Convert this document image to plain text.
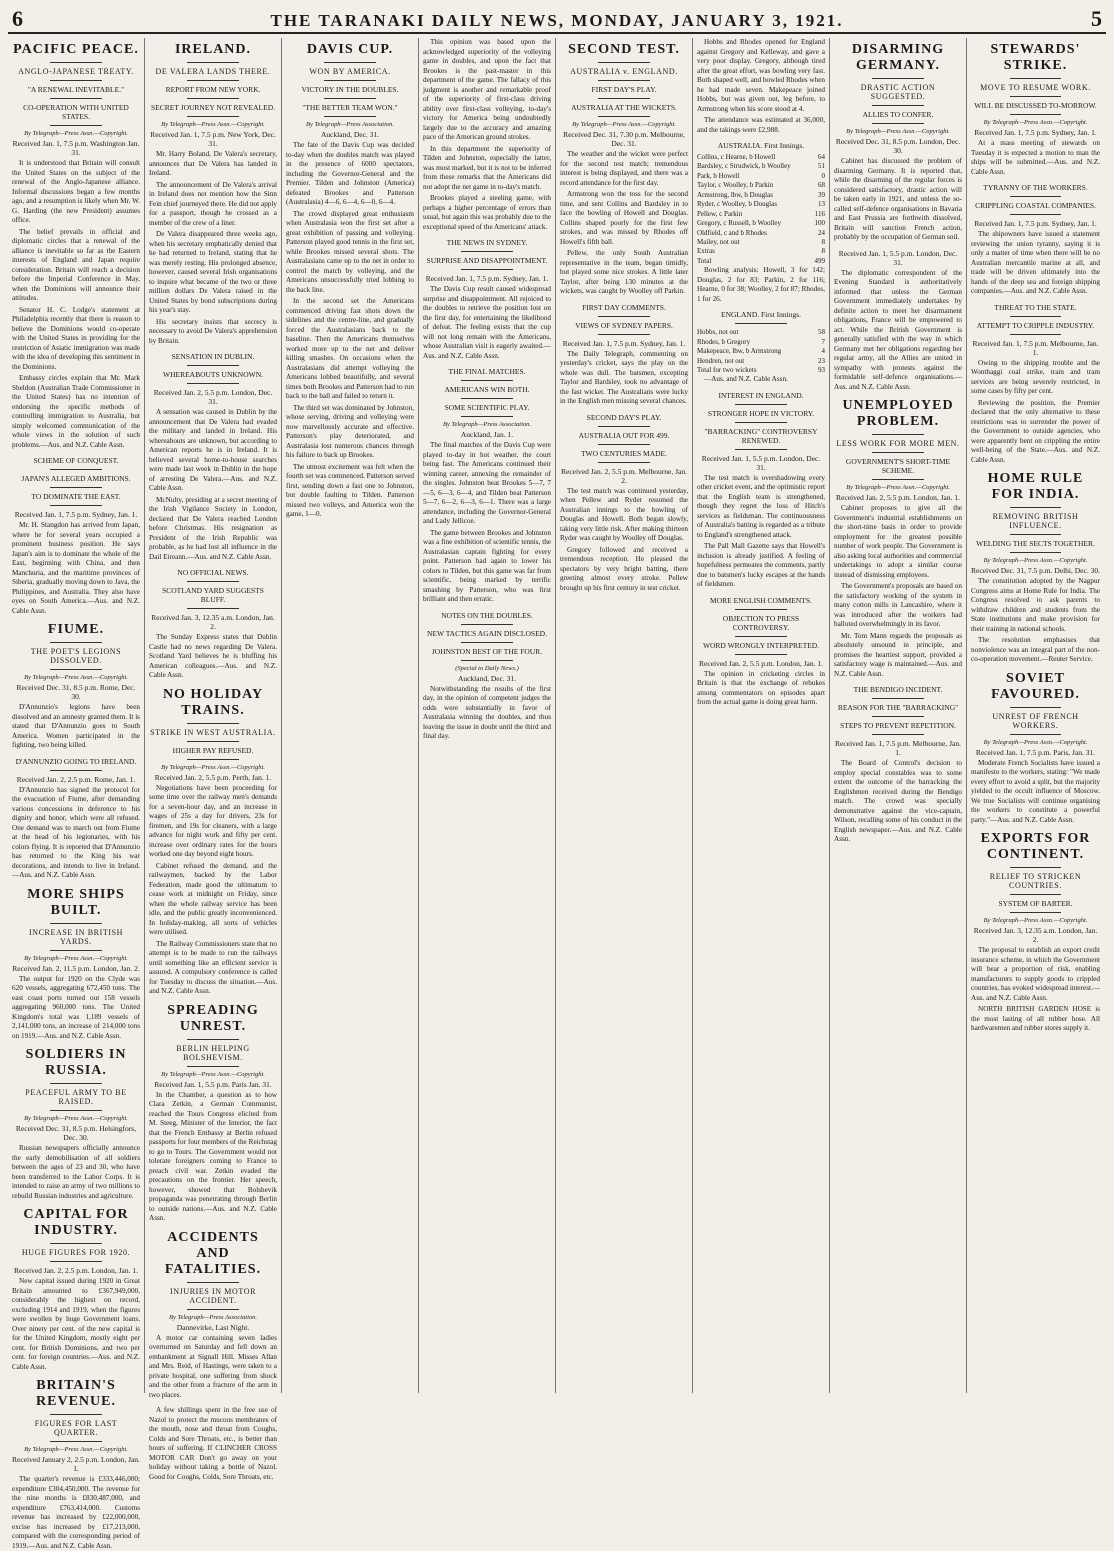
6	THE TARANAKI DAILY NEWS, MONDAY, JANUARY 3, 1921.	5
PACIFIC PEACE.
ANGLO-JAPANESE TREATY.
"A RENEWAL INEVITABLE."
CO-OPERATION WITH UNITED STATES.
By Telegraph—Press Assn.—Copyright.
Received Jan. 1, 7.5 p.m. Washington Jan. 31.

It is understood that Britain will consult the United States on the subject of the renewal of the Anglo-Japanese alliance. Informal discussions began a few months ago, and a resumption is likely when Mr. W. G. Harding (the new President) assumes office.

The belief prevails in official and diplomatic circles that a renewal of the alliance is inevitable so far as the Eastern interests of England and Japan require consideration. Britain will reach a decision before the Imperial Conference in May, when the Dominions will announce their attitudes.

Senator H. C. Lodge's statement at Philadelphia recently that there is reason to believe the Dominions would co-operate with the United States in providing for the restriction of Asiatic immigration was made with the idea of developing this sentiment in the Dominions.

Embassy circles explain that Mr. Mark Sheldon (Australian Trade Commissioner in the United States) has no intention of endorsing the specific methods of controlling immigration to Australia, but simply welcomed communication of the whole views in the solution of such problems.—Aus. and N.Z. Cable Assn.

SCHEME OF CONQUEST.
JAPAN'S ALLEGED AMBITIONS.
TO DOMINATE THE EAST.
Received Jan. 1, 7.5 p.m. Sydney, Jan. 1.

Mr. H. Stangdon has arrived from Japan, where he for several years occupied a prominent business position. He says Japan's aim is to dominate the whole of the East, beginning with China, and then Manchuria, and the maritime provinces of Siberia, gradually moving down to Java, the Philippines, and Australia. They also have eyes on South America.—Aus. and N.Z. Cable Assn.

FIUME.
THE POET'S LEGIONS DISSOLVED.
By Telegraph—Press Assn.—Copyright.
Received Dec. 31, 8.5 p.m. Rome, Dec. 30.

D'Annunzio's legions have been dissolved and an amnesty granted them. It is stated that D'Annunzio goes to South America. Women participated in the fighting, two being killed.

D'ANNUNZIO GOING TO IRELAND.
Received Jan. 2, 2.5 p.m. Rome, Jan. 1.

D'Annunzio has signed the protocol for the evacuation of Fiume, after demanding various concessions in deference to his dignity and honor, which were all refused. One demand was to march out from Fiume at the head of his legionaries, with his colors flying. It is reported that D'Annunzio has returned to the King his war decorations, and intends to live in Ireland.—Aus. and N.Z. Cable Assn.

MORE SHIPS BUILT.
INCREASE IN BRITISH YARDS.
By Telegraph—Press Assn.—Copyright.
Received Jan. 2, 11.5 p.m. London, Jan. 2.

The output for 1920 on the Clyde was 620 vessels, aggregating 672,450 tons. The east coast ports turned out 158 vessels aggregating 960,000 tons. The United Kingdom's total was 1,189 vessels of 2,141,000 tons, an increase of 214,000 tons on 1919.—Aus. and N.Z. Cable Assn.

SOLDIERS IN RUSSIA.
PEACEFUL ARMY TO BE RAISED.
By Telegraph—Press Assn.—Copyright.
Received Dec. 31, 8.5 p.m. Helsingfors, Dec. 30.

Russian newspapers officially announce the early demobilisation of all soldiers between the ages of 23 and 30, who have been transferred to the Labor Corps. It is intended to raise an army of two millions to rebuild Russian industries and agriculture.

CAPITAL FOR INDUSTRY.
HUGE FIGURES FOR 1920.
Received Jan. 2, 2.5 p.m. London, Jan. 1.

New capital issued during 1920 in Great Britain amounted to £367,949,000, considerably the highest on record, excluding 1914 and 1919, when the figures were swollen by huge Government loans. Over ninety per cent. of the new capital is for the United Kingdom, mostly eight per cent. for British Dominions, and two per cent. for foreign countries.—Aus. and N.Z. Cable Assn.

BRITAIN'S REVENUE.
FIGURES FOR LAST QUARTER.
By Telegraph—Press Assn.—Copyright.
Received January 2, 2.5 p.m. London, Jan. 1.

The quarter's revenue is £333,446,000; expenditure £304,450,000. The revenue for the nine months is £830,487,000, and expenditure £763,414,000. Customs revenue has increased by £22,000,000, excise has increased by £17,213,000, compared with the corresponding period of 1919.—Aus. and N.Z. Cable Assn.

IRELAND.
DE VALERA LANDS THERE.
REPORT FROM NEW YORK.
SECRET JOURNEY NOT REVEALED.
By Telegraph—Press Assn.—Copyright.
Received Jan. 1, 7.5 p.m. New York, Dec. 31.

Mr. Harry Boland, De Valera's secretary, announces that De Valera has landed in Ireland.

The announcement of De Valera's arrival in Ireland does not mention how the Sinn Fein chief journeyed there. He did not apply for a passport, though he crossed as a member of the crew of a liner.

De Valera disappeared three weeks ago, when his secretary emphatically denied that he had returned to Ireland, stating that he was merely resting. His prolonged absence, however, caused several Irish organisations to inquire what became of the two or three million dollars De Valera raised in the United States by bond subscriptions during his year's stay.

His secretary insists that secrecy is necessary to avoid De Valera's apprehension by Britain.

SENSATION IN DUBLIN.
WHEREABOUTS UNKNOWN.
Received Jan. 2, 5.5 p.m. London, Dec. 31.

A sensation was caused in Dublin by the announcement that De Valera had evaded the military and landed in Ireland. His whereabouts are unknown, but according to American reports he is in Ireland. It is believed several home-to-house searches were made last week in Dublin in the hope of arresting De Valera.—Aus. and N.Z. Cable Assn.

McNulty, presiding at a secret meeting of the Irish Vigilance Society in London, declared that De Valera reached London before Christmas. His resignation as President of the Irish Republic was probable, as he had lost all influence in the Dail Eireann.—Aus. and N.Z. Cable Assn.

NO OFFICIAL NEWS.
SCOTLAND YARD SUGGESTS BLUFF.
Received Jan. 3, 12.35 a.m. London, Jan. 2.

The Sunday Express states that Dublin Castle had no news regarding De Valera. Scotland Yard believes he is bluffing his American colleagues.—Aus. and N.Z. Cable Assn.

NO HOLIDAY TRAINS.
STRIKE IN WEST AUSTRALIA.
HIGHER PAY REFUSED.
By Telegraph—Press Assn.—Copyright.
Received Jan. 2, 5.5 p.m. Perth, Jan. 1.

Negotiations have been proceeding for some time over the railway men's demands for a seven-hour day, and an increase in wages of 25s a day for drivers, 23s for firemen, and 19s for cleaners, with a large advance for night work and fifty per cent. increase over ordinary rates for the hours worked one day beyond eight hours.

Cabinet refused the demand, and the railwaymen, backed by the Labor Federation, made good the ultimatum to cease work at midnight on Friday, since when the whole railway service has been idle, and the public greatly inconvenienced. In holiday-making, all sorts of vehicles were utilised.

The Railway Commissioners state that no attempt is to be made to run the railways until something like an efficient service is assured. A compulsory conference is called for Tuesday to discuss the situation.—Aus. and N.Z. Cable Assn.

SPREADING UNREST.
BERLIN HELPING BOLSHEVISM.
By Telegraph—Press Assn.—Copyright.
Received Jan. 1, 5.5 p.m. Paris Jan. 31.

In the Chamber, a question as to how Clara Zetkin, a German Communist, reached the Tours Congress elicited from M. Steeg, Minister of the Interior, the fact that the French Embassy at Berlin refused passports for four members of the Reichstag to go to Tours. The Government would not tolerate foreigners coming to France to preach civil war. Zetkin evaded the precautions on the frontier. Her speech, however, showed that Bolshevik propaganda was penetrating through Berlin to outside nations.—Aus. and N.Z. Cable Assn.

ACCIDENTS AND FATALITIES.
INJURIES IN MOTOR ACCIDENT.
By Telegraph—Press Association.
Dannevirke, Last Night.

A motor car containing seven ladies overturned on Saturday and fell down an embankment at Signall Hill. Misses Allan and Mrs. Reid, of Hastings, were taken to a private hospital, one suffering from shock and the other from a fracture of the arm in two places.

A few shillings spent in the free use of Nazol to protect the mucous membranes of the mouth, nose and throat from Coughs, Colds and Sore Throats, etc., is better than hours of suffering. If CLINCHER CROSS MOTOR CAR Don't go away on your holiday without taking a bottle of Nazol. Good for Coughs, Colds, Sore Throats, etc.

DAVIS CUP.
WON BY AMERICA.
VICTORY IN THE DOUBLES.
"THE BETTER TEAM WON."
By Telegraph—Press Association.
Auckland, Dec. 31.

The fate of the Davis Cup was decided to-day when the doubles match was played in the presence of 6000 spectators, including the Governor-General and the Premier. Tilden and Johnston (America) defeated Brookes and Patterson (Australasia) 4—6, 6—4, 6—0, 6—4.

The crowd displayed great enthusiasm when Australasia won the first set after a great exhibition of passing and volleying. Patterson played good tennis in the first set, while Brookes missed several shots. The Australasians came up to the net in order to control the match by volleying, and the Americans unsuccessfully tried lobbing to the back line.

In the second set the Americans commenced driving fast shots down the sidelines and the centre-line, and gradually forced the Australasians back to the baseline. Then the Americans themselves worked more up to the net and deliver killing smashes. On occasions when the Australasians did attempt volleying the Americans lobbed beautifully, and several times both Brookes and Patterson had to run back to the ball and failed to return it.

The third set was dominated by Johnston, whose serving, driving and volleying were now marvellously accurate and effective. Patterson's play deteriorated, and Australasia lost numerous chances through his failure to back up Brookes.

The utmost excitement was felt when the fourth set was commenced. Patterson served first, sending down a fast one to Johnston, but double faulting to Tilden. Patterson missed two volleys, and America won the game, 1—0.

This opinion was based upon the acknowledged superiority of the volleying game in doubles, and upon the fact that Brookes is the past-master in this department of the game. The fallacy of this judgment is another and remarkable proof of the superiority of first-class driving ability over first-class volleying, to-day's victory for America being undoubtedly largely due to the accuracy and amazing pace of the American ground strokes.

In this department the superiority of Tilden and Johnston, especially the latter, was most marked, but it is not to be inferred from these remarks that the Americans did not adopt the net game in to-day's match.

Brookes played a steeling game, with perhaps a higher percentage of errors than usual, but again this was probably due to the exceptional speed of the Americans' attack.

THE NEWS IN SYDNEY.
SURPRISE AND DISAPPOINTMENT.
Received Jan. 1, 7.5 p.m. Sydney, Jan. 1.

The Davis Cup result caused widespread surprise and disappointment. All rejoiced to the doubles to retrieve the position lost on the first day, for entertaining the likelihood of defeat. The feeling exists that the cup will not long remain with the Americans, whose Australian visit is eagerly awaited.—Aus. and N.Z. Cable Assn.

THE FINAL MATCHES.
AMERICANS WIN BOTH.
SOME SCIENTIFIC PLAY.
By Telegraph—Press Association.
Auckland, Jan. 1.

The final matches of the Davis Cup were played to-day in hot weather, the court being fast. The Americans continued their winning career, annexing the remainder of the singles. Johnston beat Brookes 5—7, 7—5, 6—3, 6—4, and Tilden beat Patterson 5—7, 6—2, 6—3, 6—1. There was a large attendance, including the Governor-General and Lady Jellicoe.

The game between Brookes and Johnston was a fine exhibition of scientific tennis, the Australasian captain fighting for every point. Patterson had again to lower his colors to Tilden, but this game was far from scientific, being marked by terrific smashing by Patterson, who was first brilliant and then erratic.

NOTES ON THE DOUBLES.
NEW TACTICS AGAIN DISCLOSED.
JOHNSTON BEST OF THE FOUR.
(Special to Daily News.)
Auckland, Dec. 31.

Notwithstanding the results of the first day, in the opinion of competent judges the odds were substantially in favor of Australasia winning the doubles, and thus leaving the issue in doubt until the third and final day.

SECOND TEST.
AUSTRALIA v. ENGLAND.
FIRST DAY'S PLAY.
AUSTRALIA AT THE WICKETS.
By Telegraph—Press Assn.—Copyright.
Received Dec. 31, 7.30 p.m. Melbourne, Dec. 31.

The weather and the wicket were perfect for the second test match; tremendous interest is being displayed, and there was a record attendance for the first day.

Armstrong won the toss for the second time, and sent Collins and Bardsley in to face the bowling of Howell and Douglas. Collins shaped poorly for the first few strokes, and was missed by Rhodes off Howell's fifth ball.

Pellew, the only South Australian representative in the team, began timidly, but played some nice strokes. A little later Taylor, after being 130 minutes at the wickets, was caught by Woolley off Parkin.

FIRST DAY COMMENTS.
VIEWS OF SYDNEY PAPERS.
Received Jan. 1, 7.5 p.m. Sydney, Jan. 1.

The Daily Telegraph, commenting on yesterday's cricket, says the play on the whole was dull. The batsmen, excepting Taylor and Bardsley, took no advantage of the fast wicket. The Australians were lucky in the English men missing several chances.

SECOND DAY'S PLAY.
AUSTRALIA OUT FOR 499.
TWO CENTURIES MADE.
Received Jan. 2, 5.5 p.m. Melbourne, Jan. 2.

The test match was continued yesterday, when Pellew and Ryder resumed the Australian innings to the bowling of Douglas and Howell. Both began slowly, taking very little risk. After making thirteen Ryder was caught by Woolley off Douglas.

Gregory followed and received a tremendous reception. He pleased the spectators by very bright batting, there greeting almost every stroke. Pellew brought up his first century in test cricket.

Hobbs and Rhodes opened for England against Gregory and Kelleway, and gave a very poor display. Gregory, although tired after the great effort, was bowling very fast. Both shaped well, and bowled Rhodes when he had made seven. Makepeace joined Hobbs, but was given out, leg before, to Armstrong when his score stood at 4.

The attendance was estimated at 36,000, and the takings were £2,988.

AUSTRALIA. First Innings.
Collins, c Hearne, b Howell	64
Bardsley, c Strudwick, b Woolley	51
Park, b Howell	0
Taylor, c Woolley, b Parkin	68
Armstrong, lbw, b Douglas	39
Ryder, c Woolley, b Douglas	13
Pellew, c Parkin	116
Gregory, c Russell, b Woolley	100
Oldfield, c and b Rhodes	24
Mailey, not out	8
Extras	8
Total	499

Bowling analysis: Howell, 3 for 142; Douglas, 2 for 83; Parkin, 2 for 116; Hearne, 0 for 38; Woolley, 2 for 87; Rhodes, 1 for 26.

ENGLAND. First Innings.
Hobbs, not out	58
Rhodes, b Gregory	7
Makepeace, lbw, b Armstrong	4
Hendren, not out	23
Total for two wickets	93

—Aus. and N.Z. Cable Assn.

INTEREST IN ENGLAND.
STRONGER HOPE IN VICTORY.
"BARRACKING" CONTROVERSY RENEWED.
Received Jan. 1, 5.5 p.m. London, Dec. 31.

The test match is overshadowing every other cricket event, and the optimistic report that the English team is strengthened, though they regret the loss of Hitch's services as fieldsman. The continuousness of Australia's batting is regarded as a tribute to England's strengthened attack.

The Pall Mall Gazette says that Howell's inclusion is already justified. A feeling of hopefulness permeates the comments, partly due to batsmen's lucky escapes at the hands of fieldsmen.

MORE ENGLISH COMMENTS.
OBJECTION TO PRESS CONTROVERSY.
WORD WRONGLY INTERPRETED.
Received Jan. 2, 5.5 p.m. London, Jan. 1.

The opinion in cricketing circles in Britain is that the exchange of rebukes among commentators on episodes apart from the actual game is doing great harm.

DISARMING GERMANY.
DRASTIC ACTION SUGGESTED.
ALLIES TO CONFER.
By Telegraph—Press Assn.—Copyright.
Received Dec. 31, 8.5 p.m. London, Dec. 30.

Cabinet has discussed the problem of disarming Germany. It is reported that, while the disarming of the regular forces is considered satisfactory, drastic action will be taken early in 1921, and unless the so-called self-defence organisations in Bavaria and East Prussia are forthwith dissolved, Britain will sanction French action, probably by the occupation of German soil.

Received Jan. 1, 5.5 p.m. London, Dec. 31.

The diplomatic correspondent of the Evening Standard is authoritatively informed that unless the German Government immediately undertakes by definite action to meet her disarmament obligations, France will be empowered to act. While the British Government is generally satisfied with the way in which Germany met her obligations regarding her regular army, all the Allies are united in sympathy with protests against the formidable self-defence organisations.—Aus. and N.Z. Cable Assn.

UNEMPLOYED PROBLEM.
LESS WORK FOR MORE MEN.
GOVERNMENT'S SHORT-TIME SCHEME.
By Telegraph—Press Assn.—Copyright.
Received Jan. 2, 5.5 p.m. London, Jan. 1.

Cabinet proposes to give all the Government's industrial establishments on the short-time basis in order to provide employment for the greatest possible number of work people. The Government is also asking local authorities and commercial undertakings to adopt a similar course instead of dismissing employees.

The Government's proposals are based on the satisfactory working of the system in many cotton mills in Lancashire, where it was introduced after the workers had balloted overwhelmingly in its favor.

Mr. Tom Mann regards the proposals as absolutely unsound in principle, and promises the heartiest support, provided a satisfactory wage is maintained.—Aus. and N.Z. Cable Assn.

THE BENDIGO INCIDENT.
REASON FOR THE "BARRACKING"
STEPS TO PREVENT REPETITION.
Received Jan. 1, 7.5 p.m. Melbourne, Jan. 1.

The Board of Control's decision to employ special constables was to some extent the outcome of the barracking the Englishmen received during the Bendigo match. The crowd was specially demonstrative against the vice-captain, Wilson, recalling some of his conduct in the English newspaper.—Aus. and N.Z. Cable Assn.

STEWARDS' STRIKE.
MOVE TO RESUME WORK.
WILL BE DISCUSSED TO-MORROW.
By Telegraph—Press Assn.—Copyright.
Received Jan. 1, 7.5 p.m. Sydney, Jan. 1.

At a mass meeting of stewards on Tuesday it is expected a motion to man the ships will be submitted.—Aus. and N.Z. Cable Assn.

TYRANNY OF THE WORKERS.
CRIPPLING COASTAL COMPANIES.
Received Jan. 1, 7.5 p.m. Sydney, Jan. 1.

The shipowners have issued a statement reviewing the union tyranny, saying it is only a matter of time when there will be no Australian mercantile marine at all, and trade will be driven ultimately into the hands of the deep sea and foreign shipping companies.—Aus. and N.Z. Cable Assn.

THREAT TO THE STATE.
ATTEMPT TO CRIPPLE INDUSTRY.
Received Jan. 1, 7.5 p.m. Melbourne, Jan. 1.

Owing to the shipping trouble and the Wonthaggi coal strike, train and tram services are being severely restricted, in some cases by fifty per cent.

Reviewing the position, the Premier declared that the only alternative to these restrictions was to surrender the power of the Government to outside agencies, who were apparently bent on crippling the entire well-being of the State.—Aus. and N.Z. Cable Assn.

HOME RULE FOR INDIA.
REMOVING BRITISH INFLUENCE.
WELDING THE SECTS TOGETHER.
By Telegraph—Press Assn.—Copyright.
Received Dec. 31, 7.5 p.m. Delhi, Dec. 30.

The constitution adopted by the Nagpur Congress aims at Home Rule for India. The Congress resolved to ask parents to withdraw children and students from the State institutions and make provision for their training in national schools.

The resolution emphasises that nonviolence was an integral part of the non-co-operation movement.—Reuter Service.

SOVIET FAVOURED.
UNREST OF FRENCH WORKERS.
By Telegraph—Press Assn.—Copyright.
Received Jan. 1, 7.5 p.m. Paris, Jan. 31.

Moderate French Socialists have issued a manifesto to the workers, stating: "We made every effort to avoid a split, but the majority yielded to the occult influence of Moscow. We true Socialists will continue organising the workers to constitute a powerful party."—Aus. and N.Z. Cable Assn.

EXPORTS FOR CONTINENT.
RELIEF TO STRICKEN COUNTRIES.
SYSTEM OF BARTER.
By Telegraph—Press Assn.—Copyright.
Received Jan. 3, 12.35 a.m. London, Jan. 2.

The proposal to establish an export credit insurance scheme, in which the Government will bear a proportion of risk, enabling manufacturers to supply goods to crippled countries, has evoked widespread interest.—Aus. and N.Z. Cable Assn.

NORTH BRITISH GARDEN HOSE is the most lasting of all rubber hose. All hardwaremen and rubber stores supply it.
